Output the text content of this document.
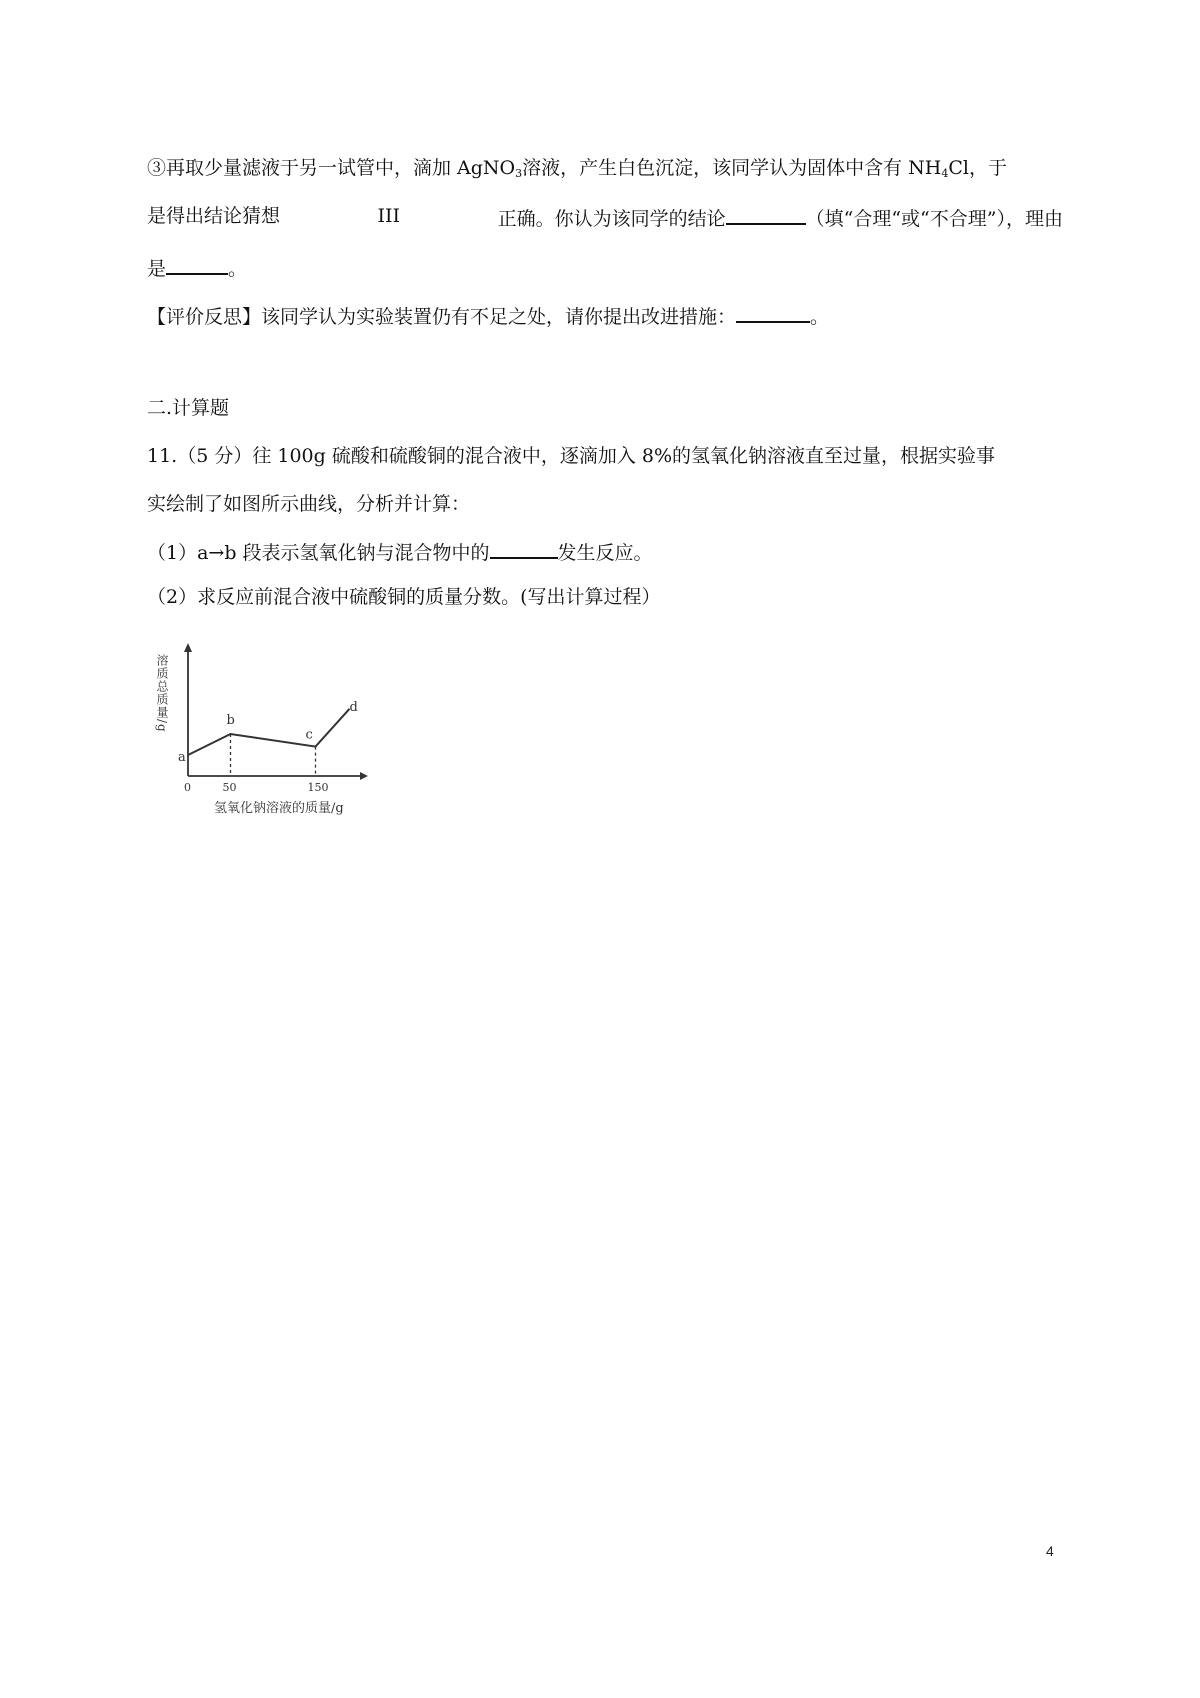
③再取少量滤液于另一试管中，滴加 AgNO$_3$溶液，产生白色沉淀，该同学认为固体中含有 $NH_4Cl$，于
是得出结论猜想	III	正确。你认为该同学的结论	（填“合理“或“不合理”），理由
是	。
【评价反思】该同学认为实验装置仍有不足之处，请你提出改进措施：	。
二.计算题
11.（5 分）往 100g 硫酸和硫酸铜的混合液中，逐滴加入 8%的氢氧化钠溶液直至过量，根据实验事
实绘制了如图所示曲线，分析并计算：
（1）a→b 段表示氢氧化钠与混合物中的	发生反应。
（2）求反应前混合液中硫酸铜的质量分数。(写出计算过程）
溶质总质量/g
氢氧化钠溶液的质量/g
a
b
c
d
0	50	150
4
